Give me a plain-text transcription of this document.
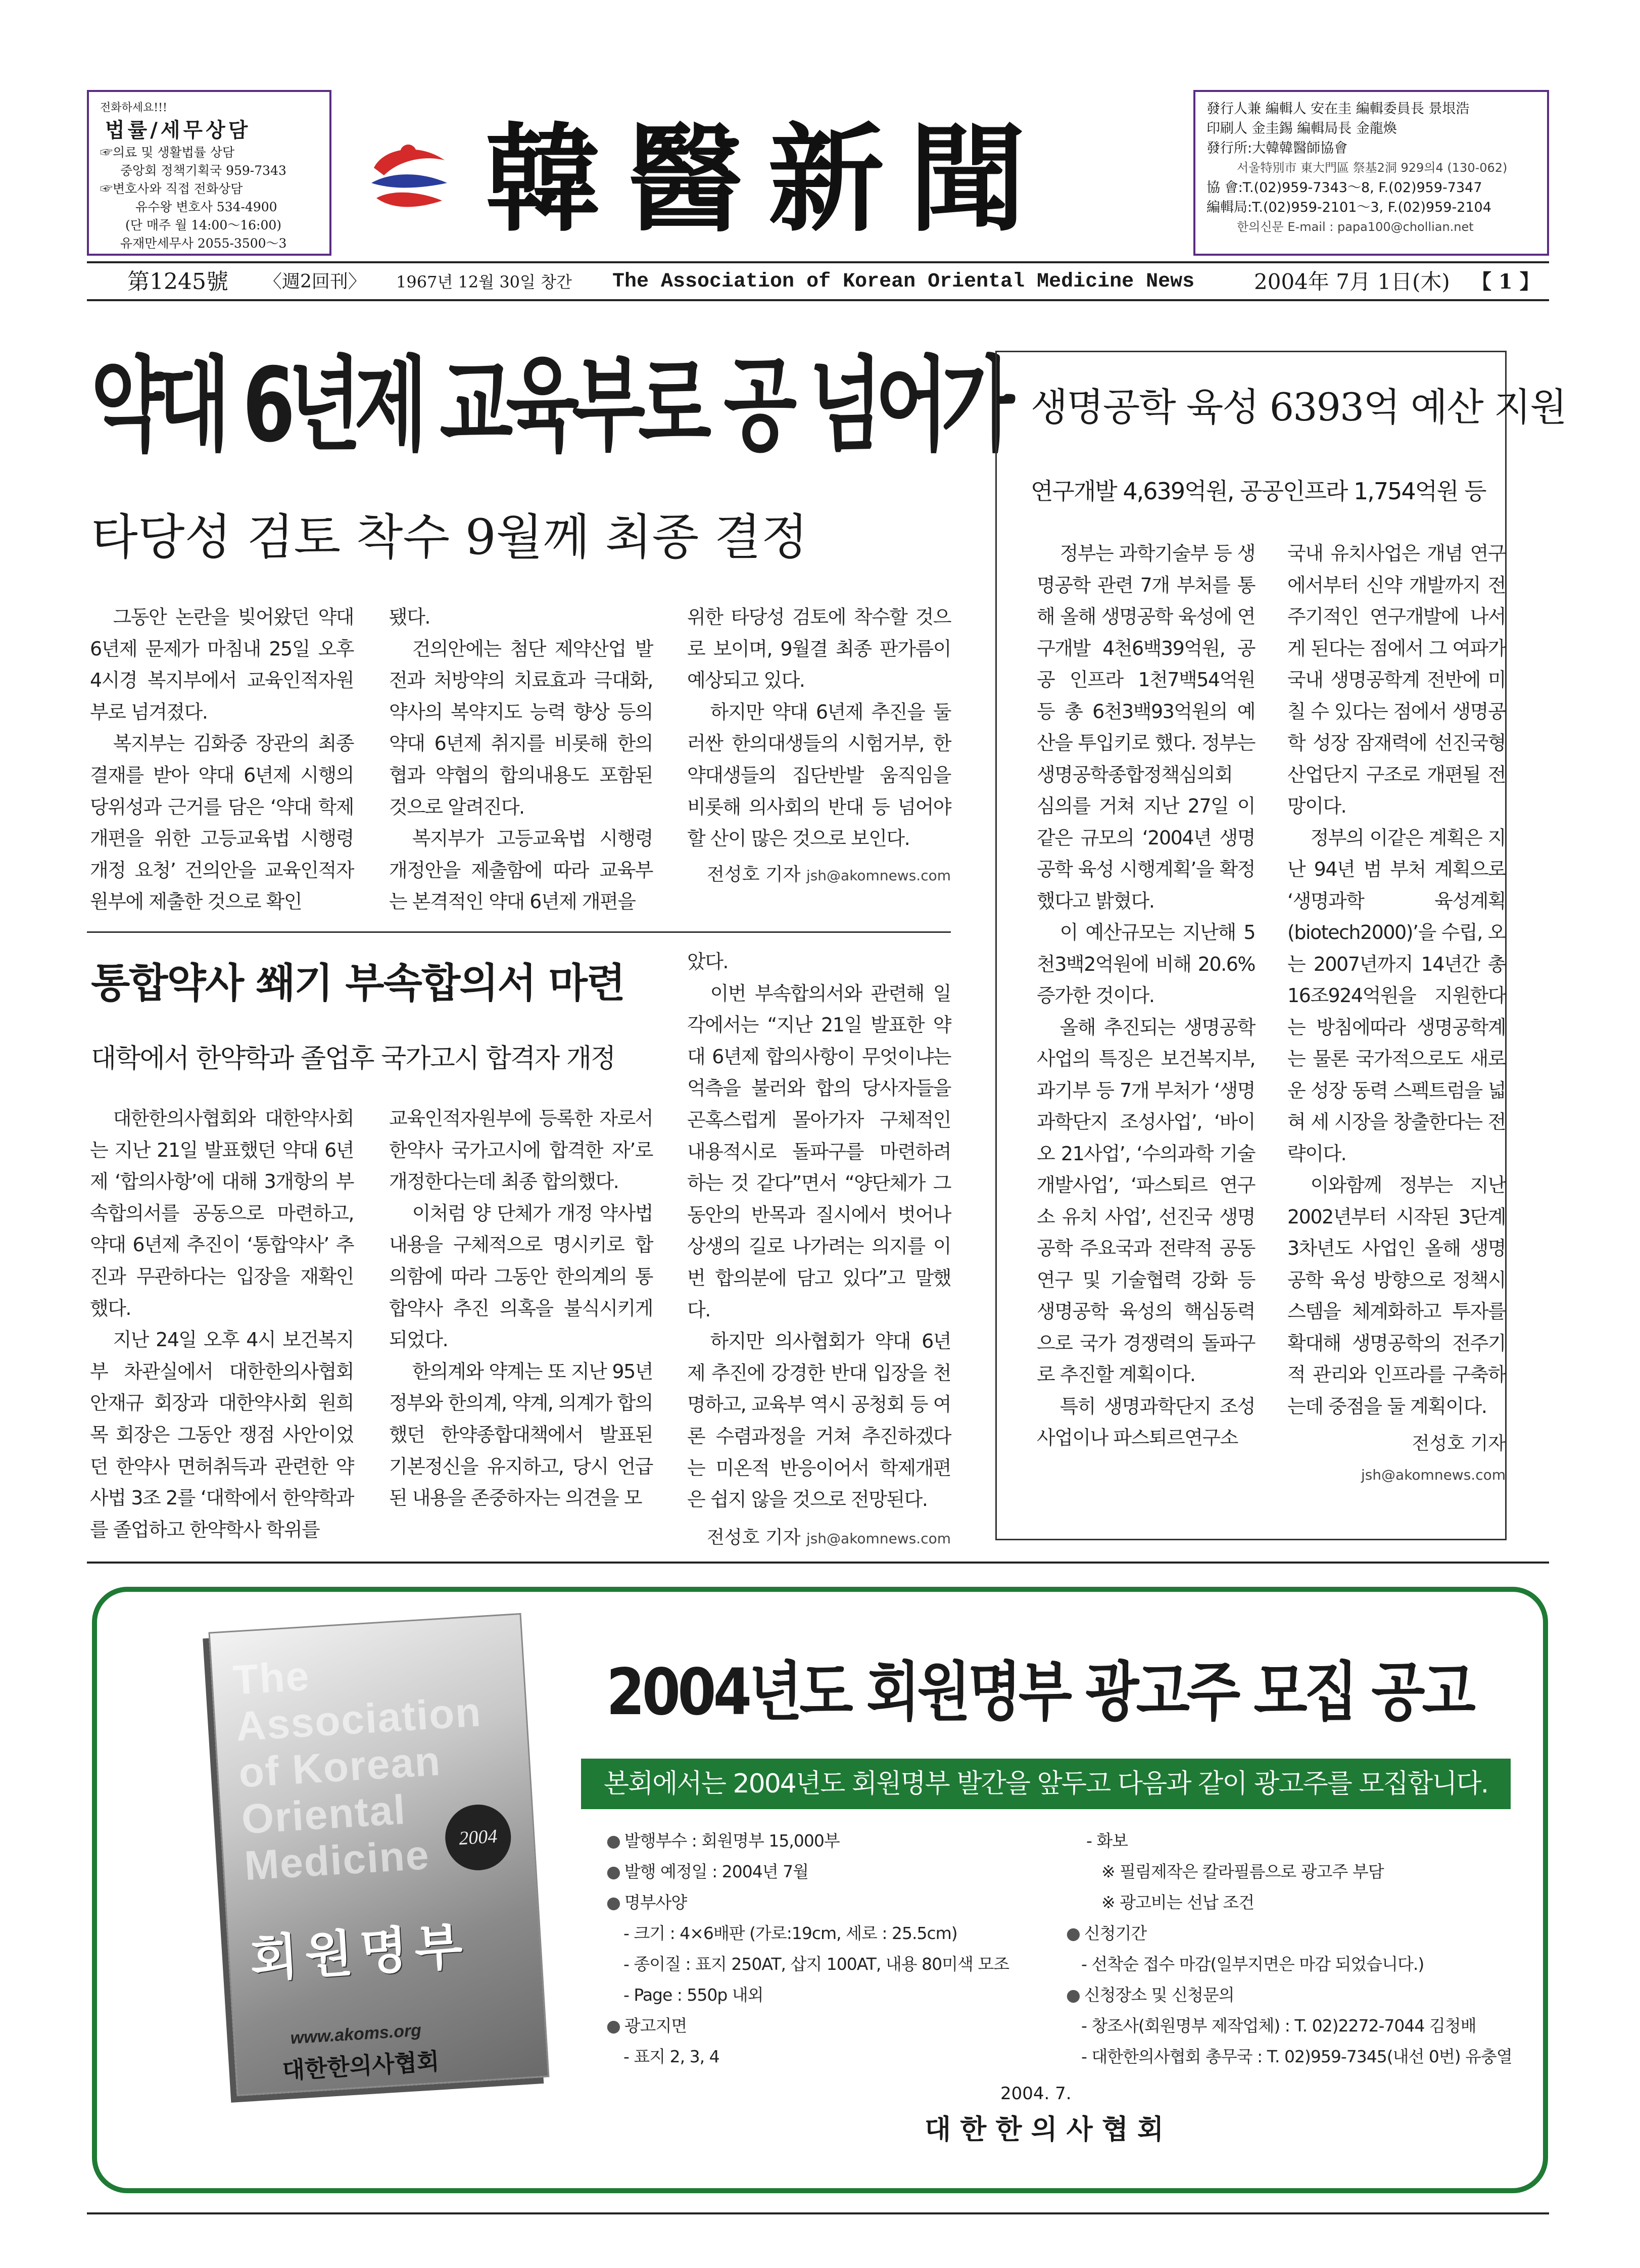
전화하세요!!!
법률/세무상담
☞의료 및 생활법률 상담
중앙회 정책기획국 959-7343
☞변호사와 직접 전화상담
유수왕 변호사 534-4900
(단 매주 월 14:00～16:00)
유재만세무사 2055-3500～3 韓醫新聞
發行人兼 編輯人 安在圭 編輯委員長 景垠浩
印刷人 金圭錫 編輯局長 金龍煥
發行所:大韓韓醫師協會
서울特別市 東大門區 祭基2洞 929의4 (130-062)
協 會:T.(02)959-7343～8, F.(02)959-7347
編輯局:T.(02)959-2101～3, F.(02)959-2104
한의신문 E-mail : papa100@chollian.net
第1245號 〈週2回刊〉 1967년 12월 30일 창간 The Association of Korean Oriental Medicine News	2004年 7月 1日(木) 【 1 】
약대 6년제 교육부로 공 넘어가
타당성 검토 착수 9월께 최종 결정

그동안 논란을 빚어왔던 약대 6년제 문제가 마침내 25일 오후 4시경 복지부에서 교육인적자원부로 넘겨졌다.

복지부는 김화중 장관의 최종결재를 받아 약대 6년제 시행의 당위성과 근거를 담은 ‘약대 학제 개편을 위한 고등교육법 시행령 개정 요청’ 건의안을 교육인적자원부에 제출한 것으로 확인

됐다.

건의안에는 첨단 제약산업 발전과 처방약의 치료효과 극대화, 약사의 복약지도 능력 향상 등의 약대 6년제 취지를 비롯해 한의협과 약협의 합의내용도 포함된 것으로 알려진다.

복지부가 고등교육법 시행령 개정안을 제출함에 따라 교육부는 본격적인 약대 6년제 개편을

위한 타당성 검토에 착수할 것으로 보이며, 9월결 최종 판가름이 예상되고 있다.

하지만 약대 6년제 추진을 둘러싼 한의대생들의 시험거부, 한약대생들의 집단반발 움직임을 비롯해 의사회의 반대 등 넘어야 할 산이 많은 것으로 보인다.

전성호 기자 jsh@akomnews.com
통합약사 쐐기 부속합의서 마련
대학에서 한약학과 졸업후 국가고시 합격자 개정

대한한의사협회와 대한약사회는 지난 21일 발표했던 약대 6년제 ‘합의사항’에 대해 3개항의 부속합의서를 공동으로 마련하고, 약대 6년제 추진이 ‘통합약사’ 추진과 무관하다는 입장을 재확인 했다.

지난 24일 오후 4시 보건복지부 차관실에서 대한한의사협회 안재규 회장과 대한약사회 원희목 회장은 그동안 쟁점 사안이었던 한약사 면허취득과 관련한 약사법 3조 2를 ‘대학에서 한약학과를 졸업하고 한약학사 학위를

교육인적자원부에 등록한 자로서 한약사 국가고시에 합격한 자’로 개정한다는데 최종 합의했다.

이처럼 양 단체가 개정 약사법 내용을 구체적으로 명시키로 합의함에 따라 그동안 한의계의 통합약사 추진 의혹을 불식시키게 되었다.

한의계와 약계는 또 지난 95년 정부와 한의계, 약계, 의계가 합의했던 한약종합대책에서 발표된 기본정신을 유지하고, 당시 언급된 내용을 존중하자는 의견을 모

았다.

이번 부속합의서와 관련해 일각에서는 “지난 21일 발표한 약대 6년제 합의사항이 무엇이냐는 억측을 불러와 합의 당사자들을 곤혹스럽게 몰아가자 구체적인 내용적시로 돌파구를 마련하려 하는 것 같다”면서 “양단체가 그동안의 반목과 질시에서 벗어나 상생의 길로 나가려는 의지를 이번 합의분에 담고 있다”고 말했다.

하지만 의사협회가 약대 6년제 추진에 강경한 반대 입장을 천명하고, 교육부 역시 공청회 등 여론 수렴과정을 거쳐 추진하겠다는 미온적 반응이어서 학제개편은 쉽지 않을 것으로 전망된다.

전성호 기자 jsh@akomnews.com
생명공학 육성 6393억 예산 지원
연구개발 4,639억원, 공공인프라 1,754억원 등

정부는 과학기술부 등 생명공학 관련 7개 부처를 통해 올해 생명공학 육성에 연구개발 4천6백39억원, 공공 인프라 1천7백54억원 등 총 6천3백93억원의 예산을 투입키로 했다. 정부는 생명공학종합정책심의회 심의를 거쳐 지난 27일 이같은 규모의 ‘2004년 생명공학 육성 시행계획’을 확정했다고 밝혔다.

이 예산규모는 지난해 5천3백2억원에 비해 20.6% 증가한 것이다.

올해 추진되는 생명공학 사업의 특징은 보건복지부, 과기부 등 7개 부처가 ‘생명과학단지 조성사업’, ‘바이오 21사업’, ‘수의과학 기술개발사업’, ‘파스퇴르 연구소 유치 사업’, 선진국 생명공학 주요국과 전략적 공동 연구 및 기술협력 강화 등 생명공학 육성의 핵심동력으로 국가 경쟁력의 돌파구로 추진할 계획이다.

특히 생명과학단지 조성사업이나 파스퇴르연구소

국내 유치사업은 개념 연구에서부터 신약 개발까지 전주기적인 연구개발에 나서게 된다는 점에서 그 여파가 국내 생명공학계 전반에 미칠 수 있다는 점에서 생명공학 성장 잠재력에 선진국형 산업단지 구조로 개편될 전망이다.

정부의 이같은 계획은 지난 94년 범 부처 계획으로 ‘생명과학 육성계획(biotech2000)’을 수립, 오는 2007년까지 14년간 총 16조924억원을 지원한다는 방침에따라 생명공학계는 물론 국가적으로도 새로운 성장 동력 스펙트럼을 넓혀 세 시장을 창출한다는 전략이다.

이와함께 정부는 지난 2002년부터 시작된 3단계 3차년도 사업인 올해 생명공학 육성 방향으로 정책시스템을 체계화하고 투자를 확대해 생명공학의 전주기적 관리와 인프라를 구축하는데 중점을 둘 계획이다.

전성호 기자
jsh@akomnews.com
The
Association
of Korean
Oriental
Medicine	2004
회원명부
www.akoms.org
대한한의사협회
2004년도 회원명부 광고주 모집 공고
본회에서는 2004년도 회원명부 발간을 앞두고 다음과 같이 광고주를 모집합니다.
● 발행부수 : 회원명부 15,000부
● 발행 예정일 : 2004년 7월
● 명부사양
- 크기 : 4×6배판 (가로:19cm, 세로 : 25.5cm)
- 종이질 : 표지 250AT, 삽지 100AT, 내용 80미색 모조
- Page : 550p 내외
● 광고지면
- 표지 2, 3, 4
- 화보
※ 필림제작은 칼라필름으로 광고주 부담
※ 광고비는 선납 조건
● 신청기간
- 선착순 접수 마감(일부지면은 마감 되었습니다.)
● 신청장소 및 신청문의
- 창조사(회원명부 제작업체) : T. 02)2272-7044 김청배
- 대한한의사협회 총무국 : T. 02)959-7345(내선 0번) 유충열
2004. 7.
대한한의사협회
